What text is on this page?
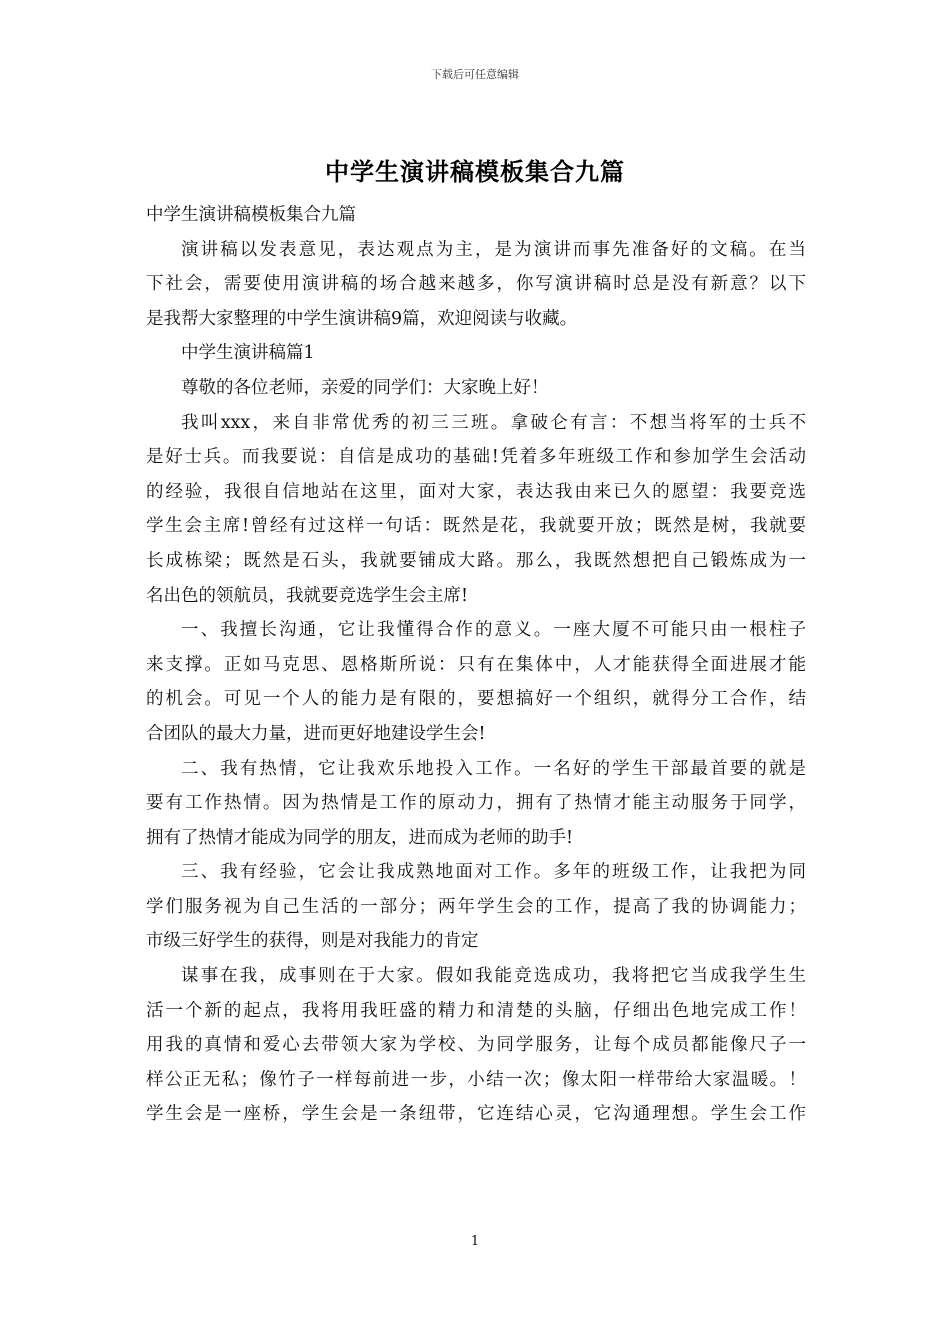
下载后可任意编辑
中学生演讲稿模板集合九篇
中学生演讲稿模板集合九篇
演讲稿以发表意见，表达观点为主，是为演讲而事先准备好的文稿。在当
下社会，需要使用演讲稿的场合越来越多，你写演讲稿时总是没有新意？以下
是我帮大家整理的中学生演讲稿9篇，欢迎阅读与收藏。
中学生演讲稿篇1
尊敬的各位老师，亲爱的同学们：大家晚上好！
我叫xxx，来自非常优秀的初三三班。拿破仑有言：不想当将军的士兵不
是好士兵。而我要说：自信是成功的基础!凭着多年班级工作和参加学生会活动
的经验，我很自信地站在这里，面对大家，表达我由来已久的愿望：我要竞选
学生会主席!曾经有过这样一句话：既然是花，我就要开放；既然是树，我就要
长成栋梁；既然是石头，我就要铺成大路。那么，我既然想把自己锻炼成为一
名出色的领航员，我就要竞选学生会主席!
一、我擅长沟通，它让我懂得合作的意义。一座大厦不可能只由一根柱子
来支撑。正如马克思、恩格斯所说：只有在集体中，人才能获得全面进展才能
的机会。可见一个人的能力是有限的，要想搞好一个组织，就得分工合作，结
合团队的最大力量，进而更好地建设学生会!
二、我有热情，它让我欢乐地投入工作。一名好的学生干部最首要的就是
要有工作热情。因为热情是工作的原动力，拥有了热情才能主动服务于同学，
拥有了热情才能成为同学的朋友，进而成为老师的助手!
三、我有经验，它会让我成熟地面对工作。多年的班级工作，让我把为同
学们服务视为自己生活的一部分；两年学生会的工作，提高了我的协调能力；
市级三好学生的获得，则是对我能力的肯定
谋事在我，成事则在于大家。假如我能竞选成功，我将把它当成我学生生
活一个新的起点，我将用我旺盛的精力和清楚的头脑，仔细出色地完成工作！
用我的真情和爱心去带领大家为学校、为同学服务，让每个成员都能像尺子一
样公正无私；像竹子一样每前进一步，小结一次；像太阳一样带给大家温暖。！
学生会是一座桥，学生会是一条纽带，它连结心灵，它沟通理想。学生会工作
1
